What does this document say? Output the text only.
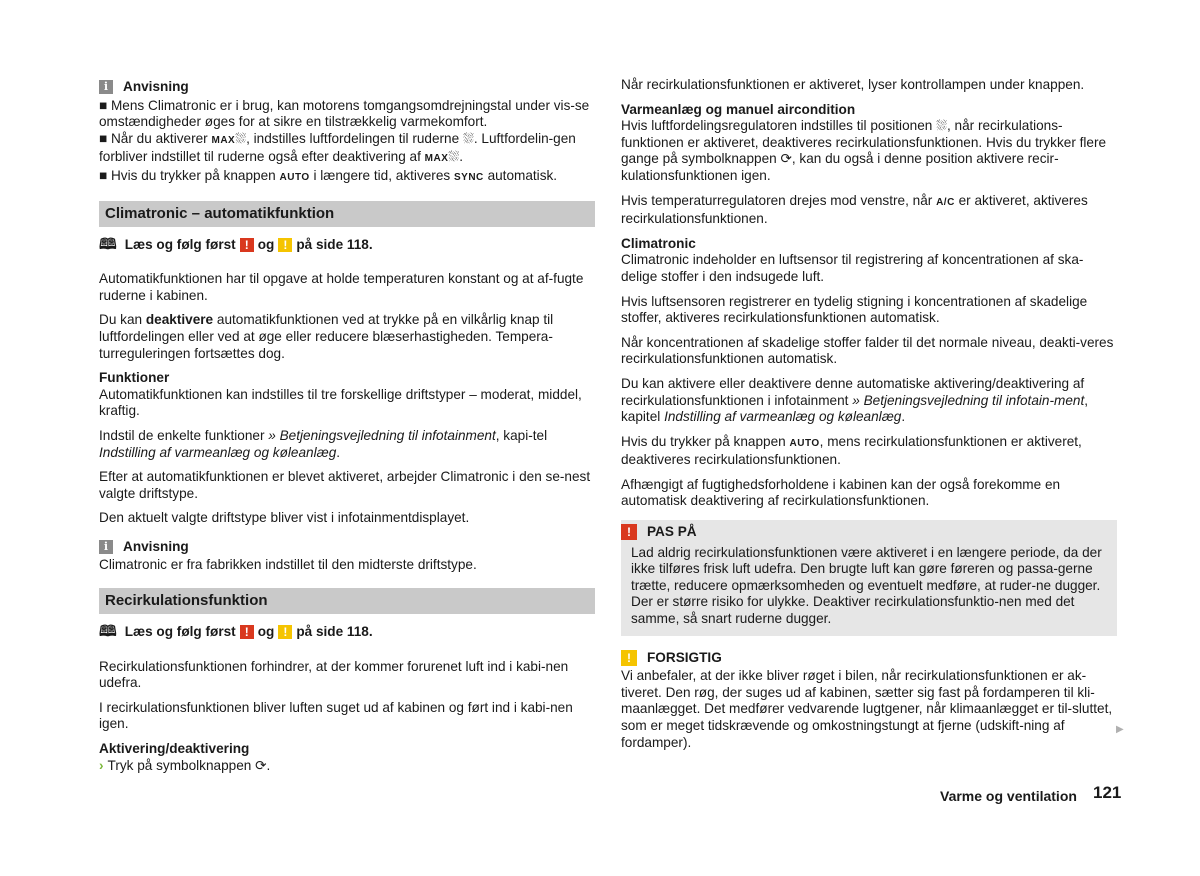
i	Anvisning

■ Mens Climatronic er i brug, kan motorens tomgangsomdrejningstal under vis-se omstændigheder øges for at sikre en tilstrækkelig varmekomfort.
■ Når du aktiverer MAX⛆, indstilles luftfordelingen til ruderne ⛆. Luftfordelin-gen forbliver indstillet til ruderne også efter deaktivering af MAX⛆.
■ Hvis du trykker på knappen AUTO i længere tid, aktiveres SYNC automatisk.

Climatronic – automatikfunktion
🕮 Læs og følg først ! og ! på side 118.

Automatikfunktionen har til opgave at holde temperaturen konstant og at af-fugte ruderne i kabinen.

Du kan deaktivere automatikfunktionen ved at trykke på en vilkårlig knap til luftfordelingen eller ved at øge eller reducere blæserhastigheden. Tempera-turreguleringen fortsættes dog.

Funktioner

Automatikfunktionen kan indstilles til tre forskellige driftstyper – moderat, middel, kraftig.

Indstil de enkelte funktioner » Betjeningsvejledning til infotainment, kapi-tel Indstilling af varmeanlæg og køleanlæg.

Efter at automatikfunktionen er blevet aktiveret, arbejder Climatronic i den se-nest valgte driftstype.

Den aktuelt valgte driftstype bliver vist i infotainmentdisplayet.

i	Anvisning

Climatronic er fra fabrikken indstillet til den midterste driftstype.

Recirkulationsfunktion
🕮 Læs og følg først ! og ! på side 118.

Recirkulationsfunktionen forhindrer, at der kommer forurenet luft ind i kabi-nen udefra.

I recirkulationsfunktionen bliver luften suget ud af kabinen og ført ind i kabi-nen igen.

Aktivering/deaktivering

› Tryk på symbolknappen ⟳.

Når recirkulationsfunktionen er aktiveret, lyser kontrollampen under knappen.

Varmeanlæg og manuel aircondition

Hvis luftfordelingsregulatoren indstilles til positionen ⛆, når recirkulations-funktionen er aktiveret, deaktiveres recirkulationsfunktionen. Hvis du trykker flere gange på symbolknappen ⟳, kan du også i denne position aktivere recir-kulationsfunktionen igen.

Hvis temperaturregulatoren drejes mod venstre, når A/C er aktiveret, aktiveres recirkulationsfunktionen.

Climatronic

Climatronic indeholder en luftsensor til registrering af koncentrationen af ska-delige stoffer i den indsugede luft.

Hvis luftsensoren registrerer en tydelig stigning i koncentrationen af skadelige stoffer, aktiveres recirkulationsfunktionen automatisk.

Når koncentrationen af skadelige stoffer falder til det normale niveau, deakti-veres recirkulationsfunktionen automatisk.

Du kan aktivere eller deaktivere denne automatiske aktivering/deaktivering af recirkulationsfunktionen i infotainment » Betjeningsvejledning til infotain-ment, kapitel Indstilling af varmeanlæg og køleanlæg.

Hvis du trykker på knappen AUTO, mens recirkulationsfunktionen er aktiveret, deaktiveres recirkulationsfunktionen.

Afhængigt af fugtighedsforholdene i kabinen kan der også forekomme en automatisk deaktivering af recirkulationsfunktionen.

!	PAS PÅ
Lad aldrig recirkulationsfunktionen være aktiveret i en længere periode, da der ikke tilføres frisk luft udefra. Den brugte luft kan gøre føreren og passa-gerne trætte, reducere opmærksomheden og eventuelt medføre, at ruder-ne dugger. Der er større risiko for ulykke. Deaktiver recirkulationsfunktio-nen med det samme, så snart ruderne dugger.
!	FORSIGTIG
Vi anbefaler, at der ikke bliver røget i bilen, når recirkulationsfunktionen er ak-tiveret. Den røg, der suges ud af kabinen, sætter sig fast på fordamperen til kli-maanlægget. Det medfører vedvarende lugtgener, når klimaanlægget er til-sluttet, som er meget tidskrævende og omkostningstungt at fjerne (udskift-ning af fordamper).
▶
Varme og ventilation 121
